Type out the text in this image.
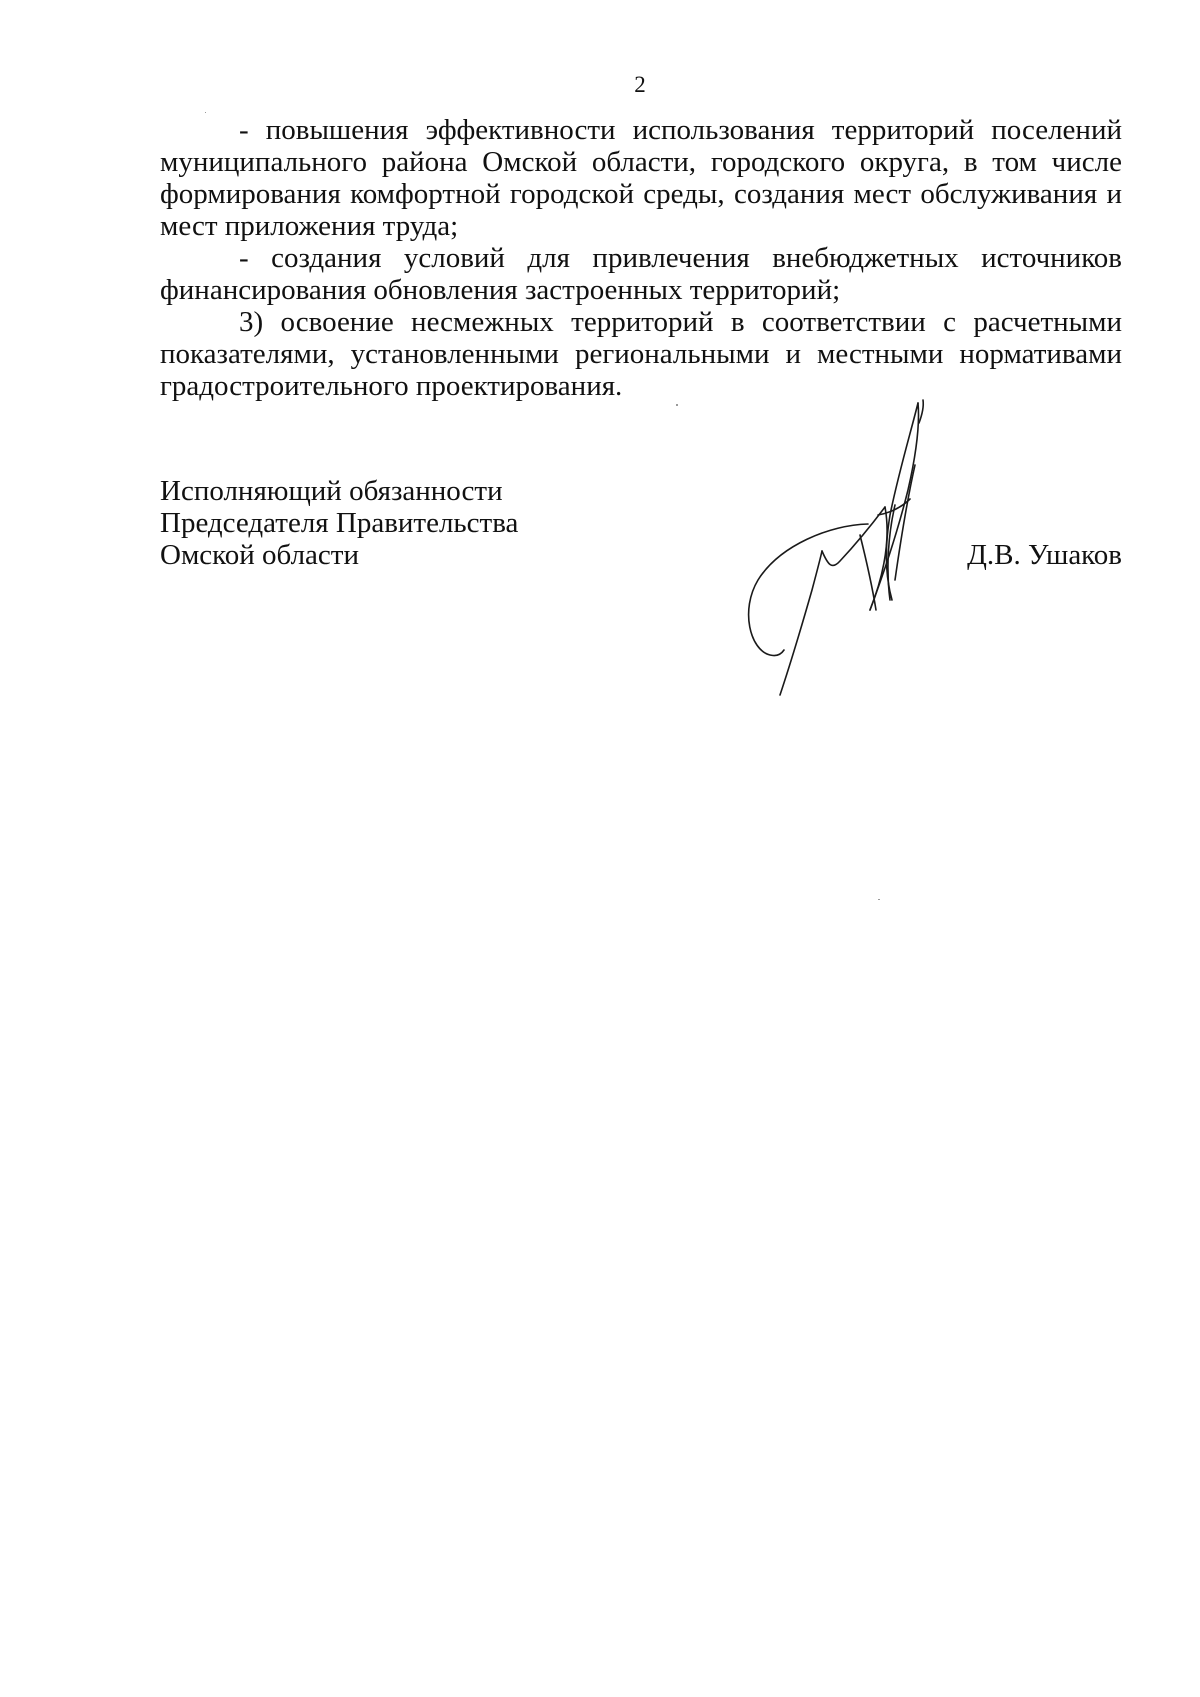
2

- повышения эффективности использования территорий поселений муниципального района Омской области, городского округа, в том числе формирования комфортной городской среды, создания мест обслуживания и мест приложения труда;

- создания условий для привлечения внебюджетных источников финансирования обновления застроенных территорий;

3) освоение несмежных территорий в соответствии с расчетными показателями, установленными региональными и местными нормативами градостроительного проектирования.

Исполняющий обязанности
Председателя Правительства
Омской области	Д.В. Ушаков
